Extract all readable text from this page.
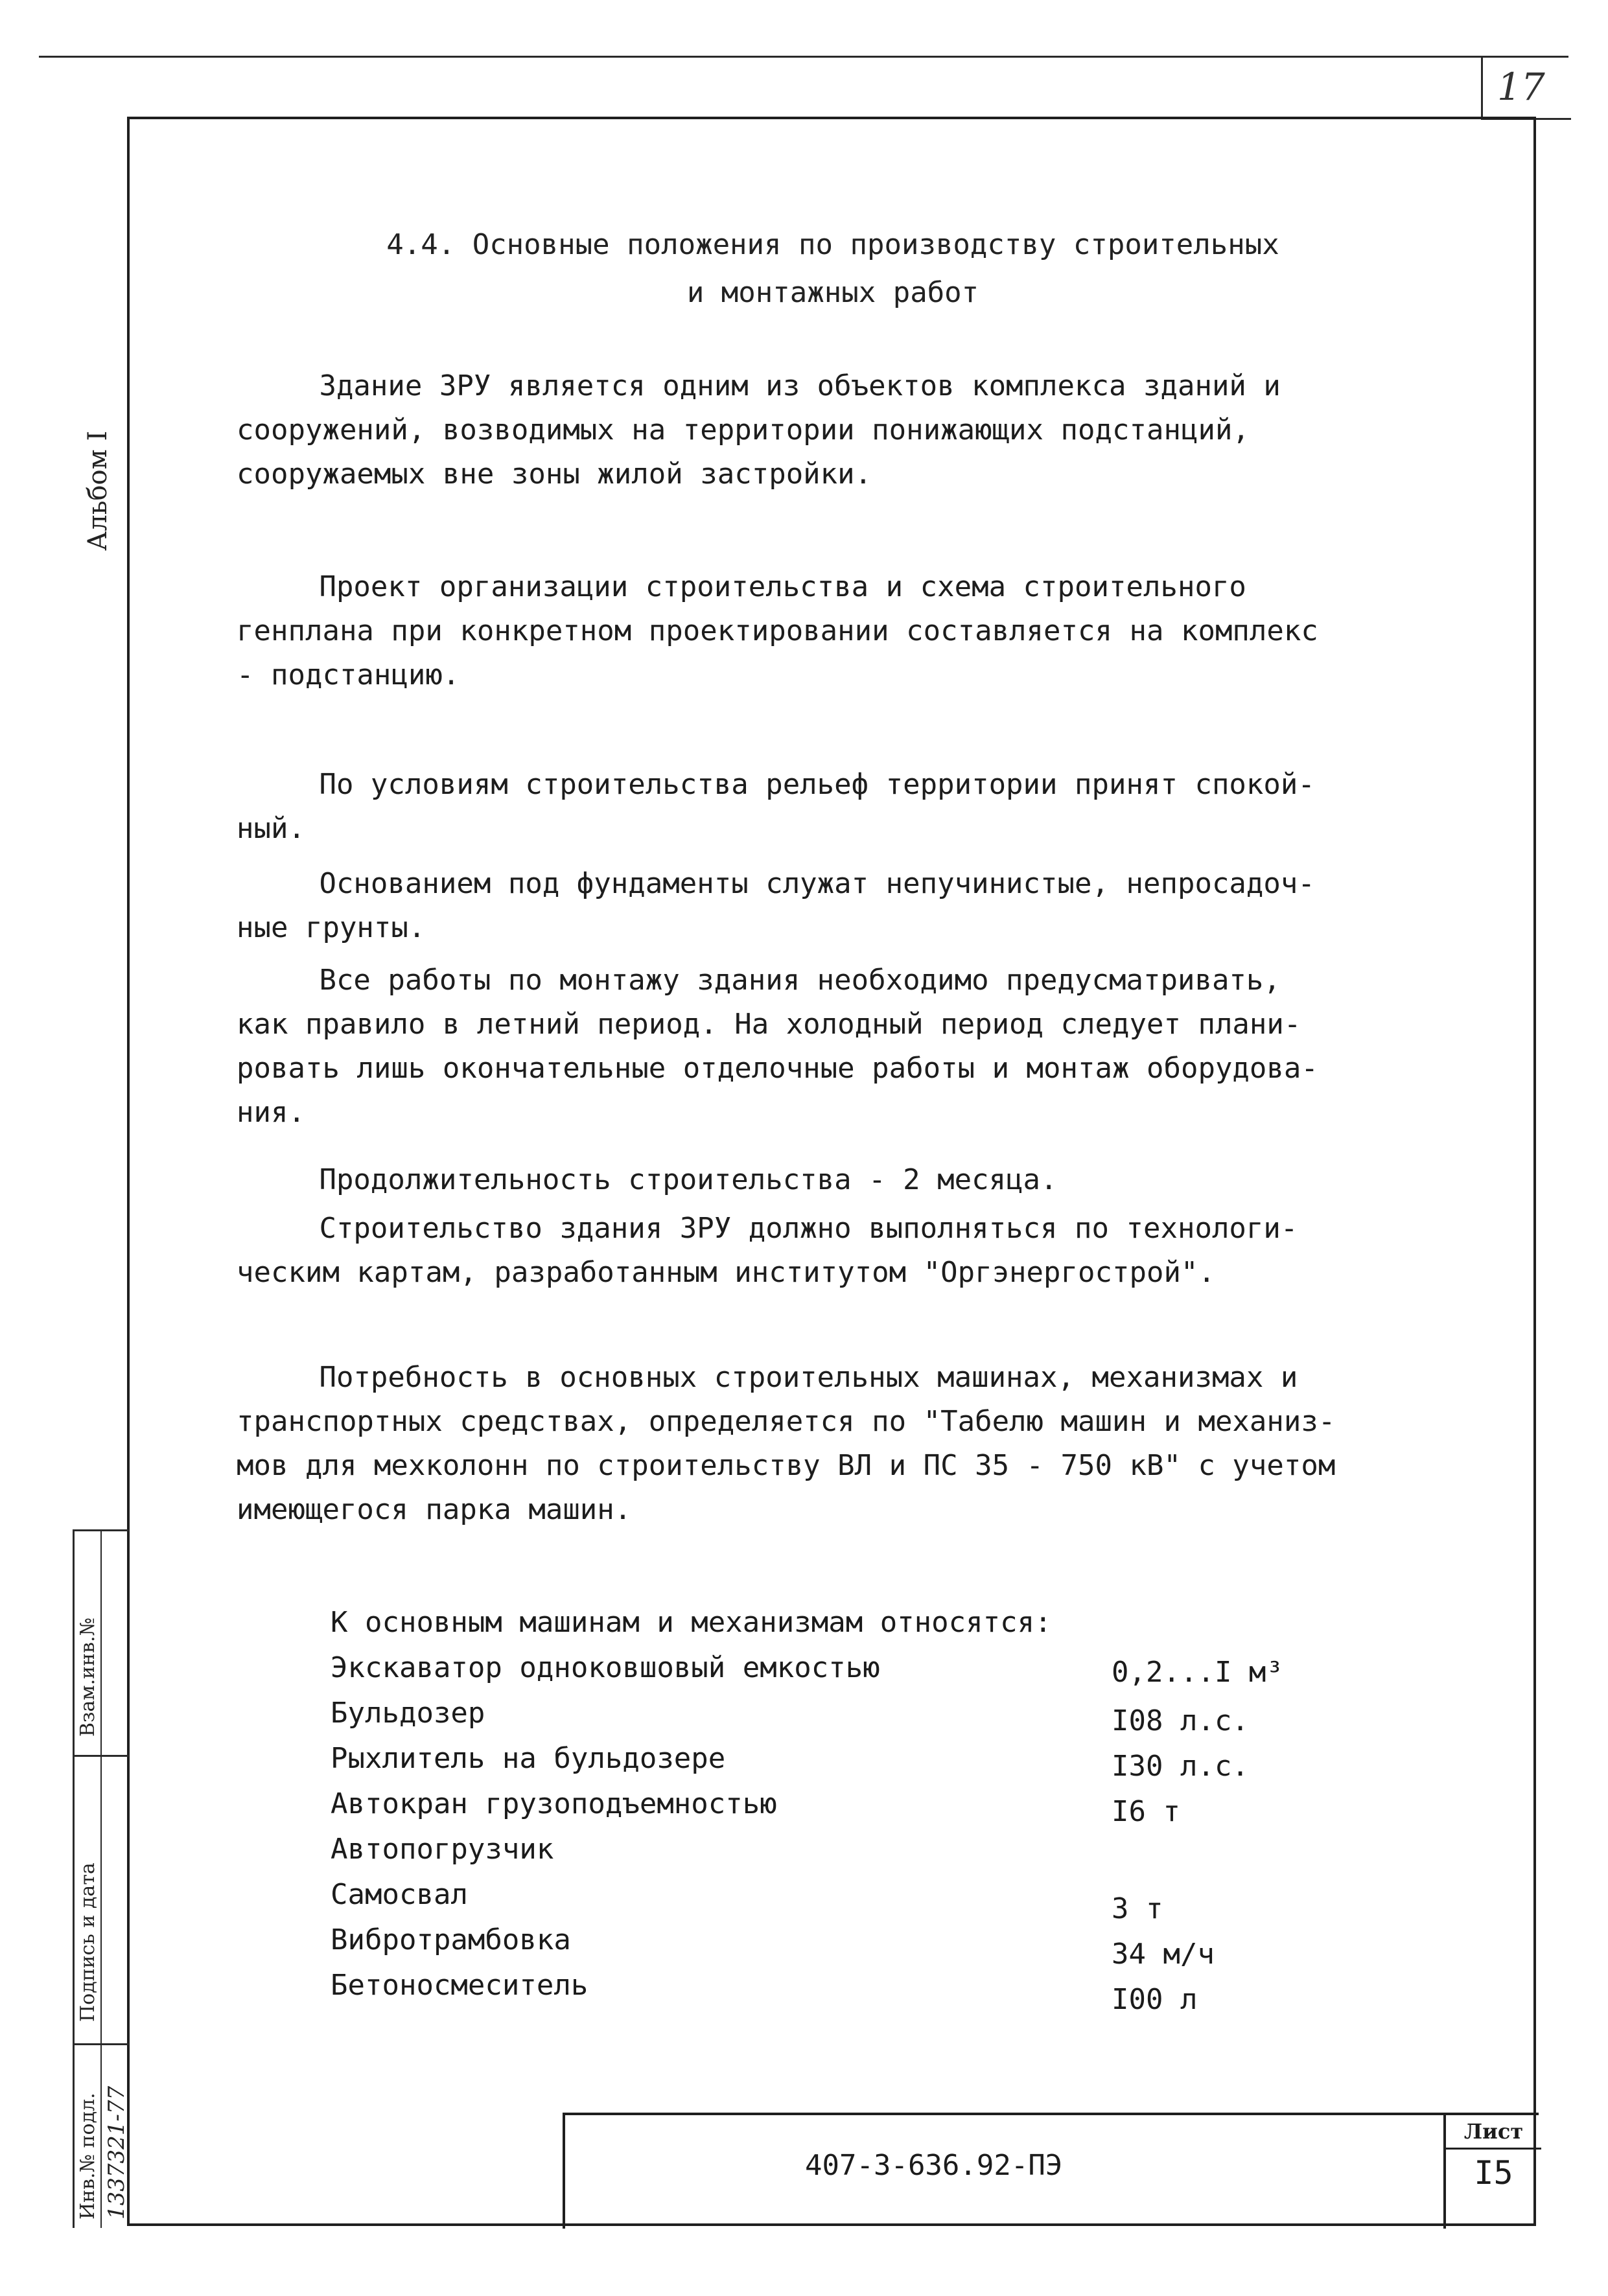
17
Альбом I
Инв.№ подл. 1337321-77
Подпись и дата
Взам.инв.№
4.4. Основные положения по производству строительных
и монтажных работ
Здание ЗРУ является одним из объектов комплекса зданий и
сооружений, возводимых на территории понижающих подстанций,
сооружаемых вне зоны жилой застройки.
Проект организации строительства и схема строительного
генплана при конкретном проектировании составляется на комплекс
- подстанцию.
По условиям строительства рельеф территории принят спокой-
ный.
Основанием под фундаменты служат непучинистые, непросадоч-
ные грунты.
Все работы по монтажу здания необходимо предусматривать,
как правило в летний период. На холодный период следует плани-
ровать лишь окончательные отделочные работы и монтаж оборудова-
ния.
Продолжительность строительства - 2 месяца.
Строительство здания ЗРУ должно выполняться по технологи-
ческим картам, разработанным институтом "Оргэнергострой".
Потребность в основных строительных машинах, механизмах и
транспортных средствах, определяется по "Табелю машин и механиз-
мов для мехколонн по строительству ВЛ и ПС 35 - 750 кВ" с учетом
имеющегося парка машин.
К основным машинам и механизмам относятся:
Экскаватор одноковшовый емкостью	0,2...I м³
Бульдозер	I08 л.с.
Рыхлитель на бульдозере	I30 л.с.
Автокран грузоподъемностью	I6 т
Автопогрузчик
Самосвал	3 т
Вибротрамбовка	34 м/ч
Бетоносмеситель	I00 л
407-3-636.92-ПЭ
Лист
I5
